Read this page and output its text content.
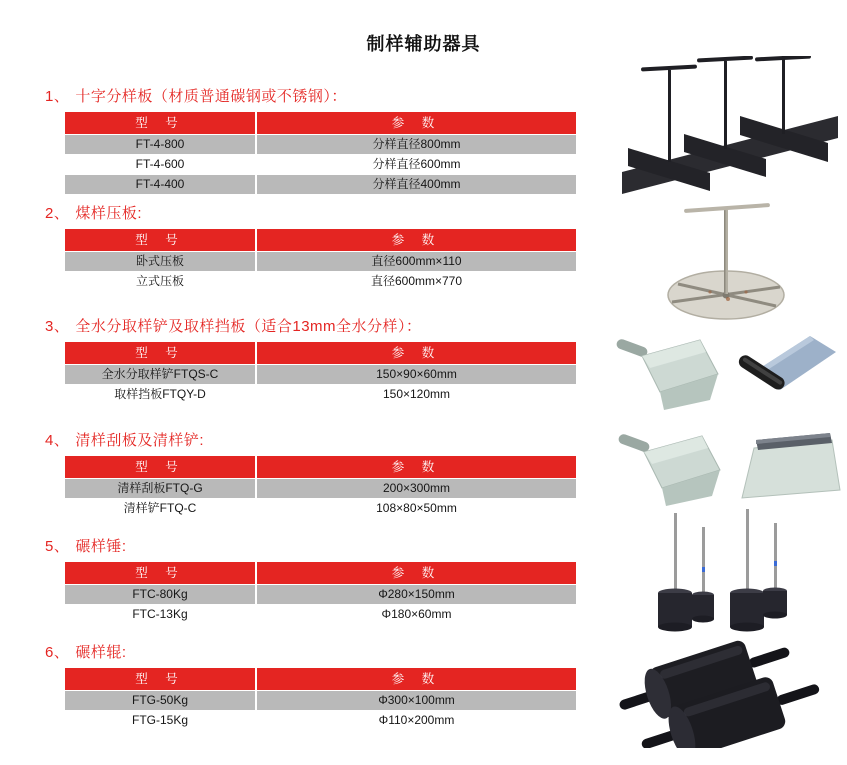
制样辅助器具
1、 十字分样板（材质普通碳钢或不锈钢）：
型 号	参 数
FT-4-800	分样直径800mm
FT-4-600	分样直径600mm
FT-4-400	分样直径400mm
2、 煤样压板:
型 号	参 数
卧式压板	直径600mm×110
立式压板	直径600mm×770
3、 全水分取样铲及取样挡板（适合13mm全水分样）：
型 号	参 数
全水分取样铲FTQS-C	150×90×60mm
取样挡板FTQY-D	150×120mm
4、 清样刮板及清样铲:
型 号	参 数
清样刮板FTQ-G	200×300mm
清样铲FTQ-C	108×80×50mm
5、 碾样锤:
型 号	参 数
FTC-80Kg	Φ280×150mm
FTC-13Kg	Φ180×60mm
6、 碾样辊:
型 号	参 数
FTG-50Kg	Φ300×100mm
FTG-15Kg	Φ110×200mm
